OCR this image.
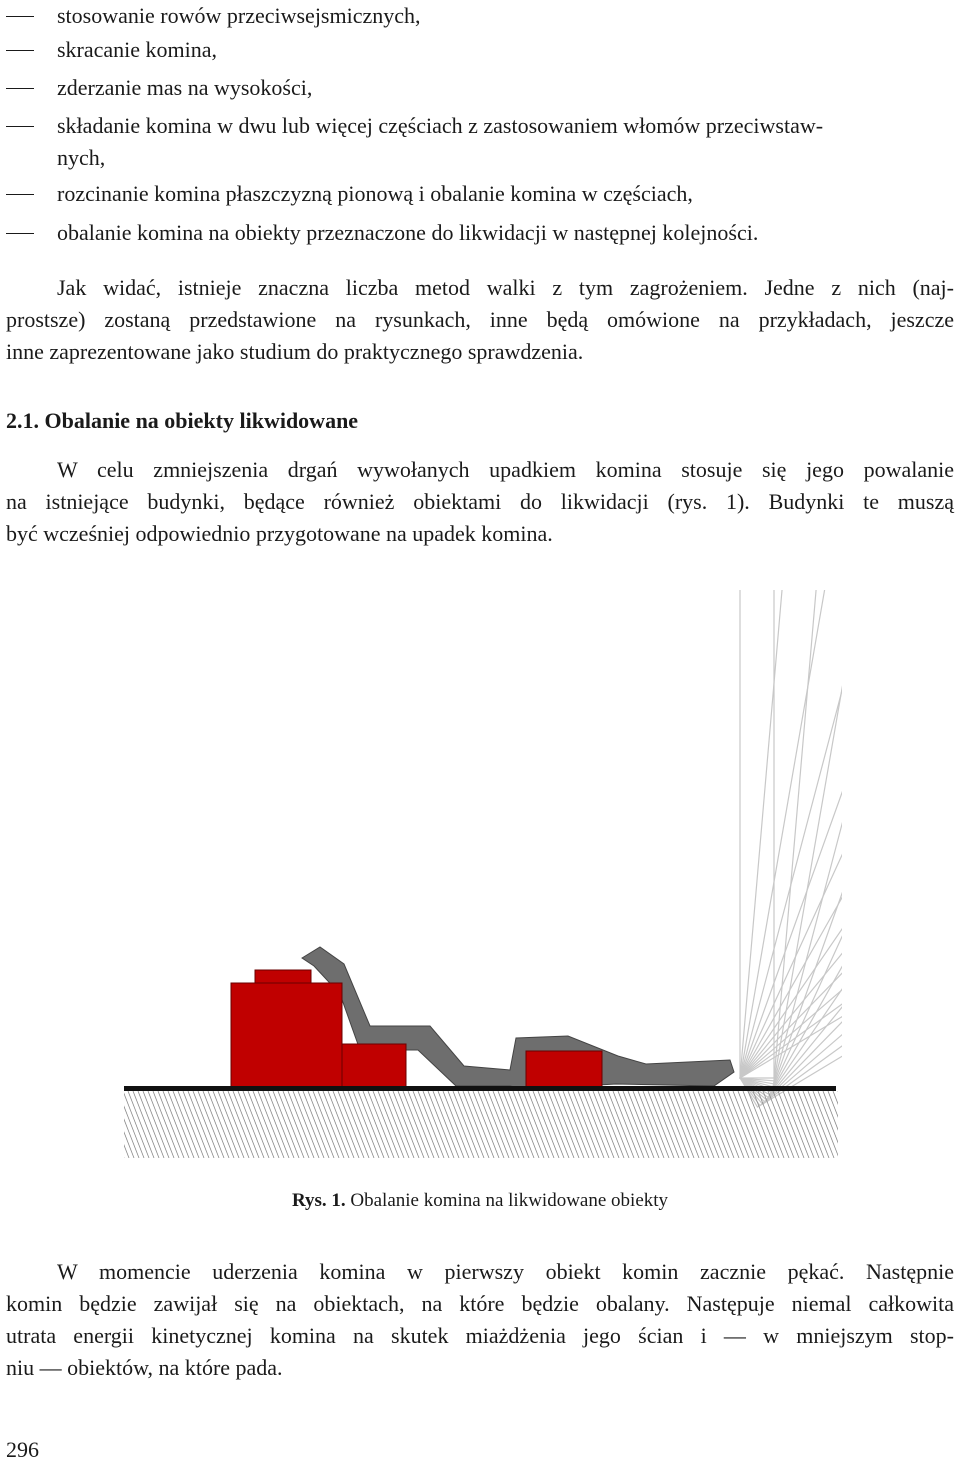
stosowanie rowów przeciwsejsmicznych,
skracanie komina,
zderzanie mas na wysokości,
składanie komina w dwu lub więcej częściach z zastosowaniem włomów przeciwstaw-
nych,
rozcinanie komina płaszczyzną pionową i obalanie komina w częściach,
obalanie komina na obiekty przeznaczone do likwidacji w następnej kolejności.
Jak widać, istnieje znaczna liczba metod walki z tym zagrożeniem. Jedne z nich (naj-
prostsze) zostaną przedstawione na rysunkach, inne będą omówione na przykładach, jeszcze
inne zaprezentowane jako studium do praktycznego sprawdzenia.
2.1. Obalanie na obiekty likwidowane
W celu zmniejszenia drgań wywołanych upadkiem komina stosuje się jego powalanie
na istniejące budynki, będące również obiektami do likwidacji (rys. 1). Budynki te muszą
być wcześniej odpowiednio przygotowane na upadek komina.
Rys. 1. Obalanie komina na likwidowane obiekty
W momencie uderzenia komina w pierwszy obiekt komin zacznie pękać. Następnie
komin będzie zawijał się na obiektach, na które będzie obalany. Następuje niemal całkowita
utrata energii kinetycznej komina na skutek miażdżenia jego ścian i — w mniejszym stop-
niu — obiektów, na które pada.
296
